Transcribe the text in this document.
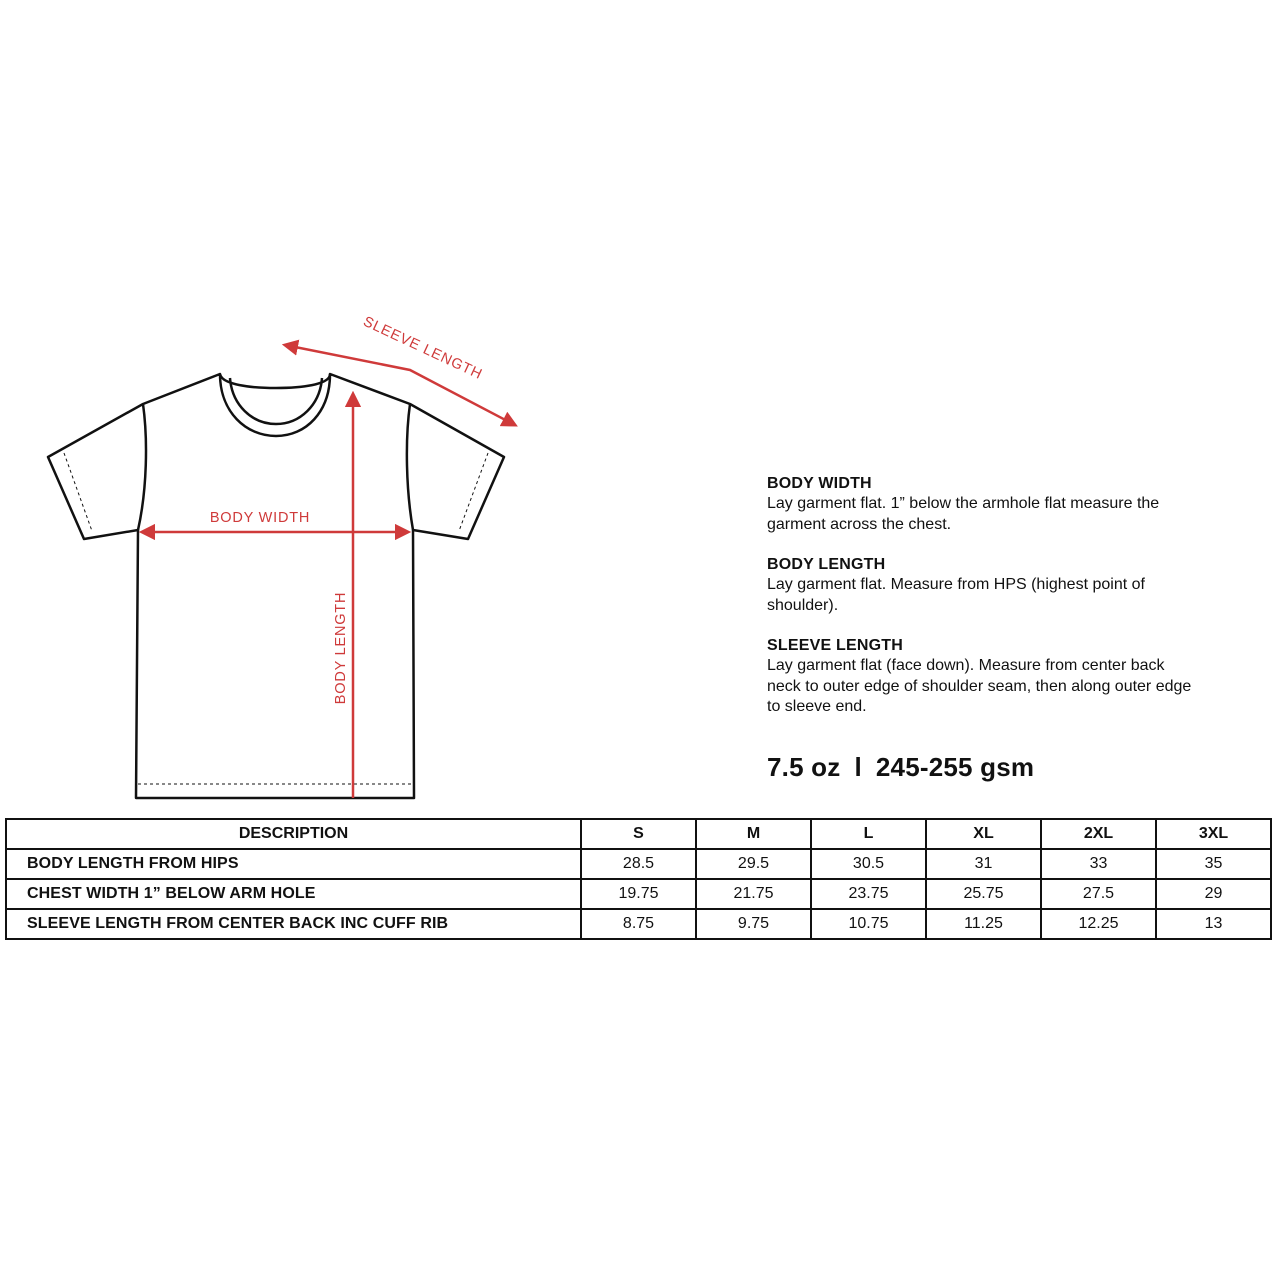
BODY WIDTH
BODY LENGTH
SLEEVE LENGTH
BODY WIDTH
Lay garment flat. 1” below the armhole flat measure the garment across the chest.
BODY LENGTH
Lay garment flat. Measure from HPS (highest point of shoulder).
SLEEVE LENGTH
Lay garment flat (face down). Measure from center back neck to outer edge of shoulder seam, then along outer edge to sleeve end.
7.5 oz l 245-255 gsm
DESCRIPTION	S	M	L	XL	2XL	3XL
BODY LENGTH FROM HIPS	28.5	29.5	30.5	31	33	35
CHEST WIDTH 1” BELOW ARM HOLE	19.75	21.75	23.75	25.75	27.5	29
SLEEVE LENGTH FROM CENTER BACK INC CUFF RIB	8.75	9.75	10.75	11.25	12.25	13
